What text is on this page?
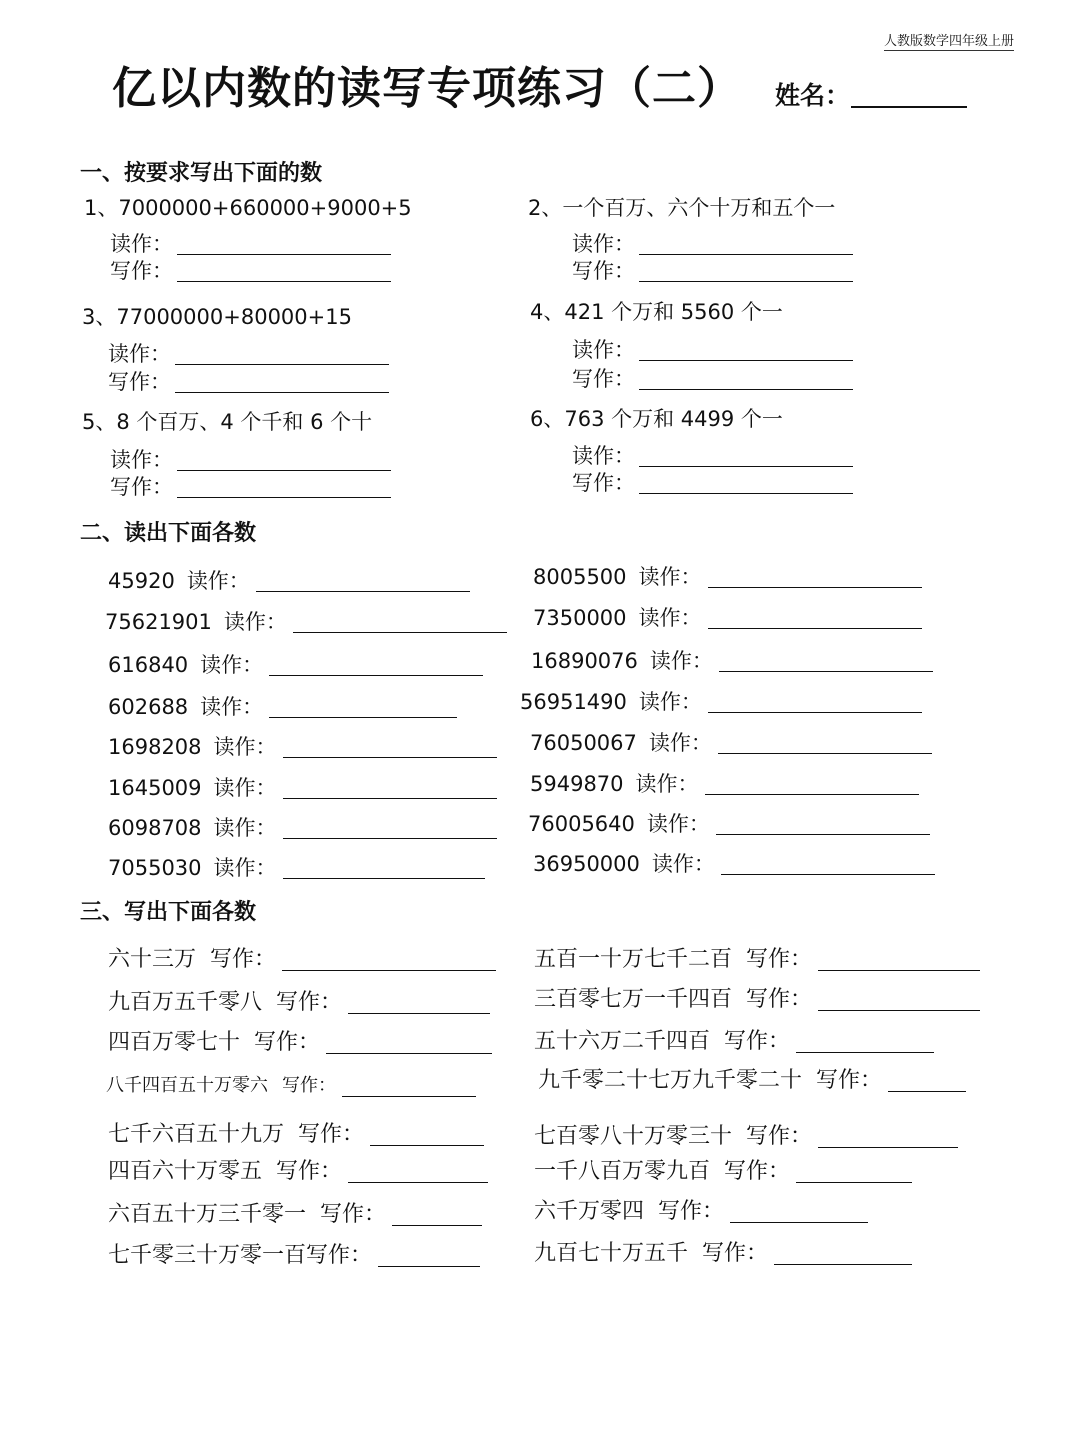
人教版数学四年级上册
亿以内数的读写专项练习（二） 姓名：
一、按要求写出下面的数
1、7000000+660000+9000+5
读作：
写作：
2、一个百万、六个十万和五个一
读作：
写作：
3、77000000+80000+15
读作：
写作：
4、421 个万和 5560 个一
读作：
写作：
5、8 个百万、4 个千和 6 个十
读作：
写作：
6、763 个万和 4499 个一
读作：
写作：
二、读出下面各数
45920 读作：
75621901 读作：
616840 读作：
602688 读作：
1698208 读作：
1645009 读作：
6098708 读作：
7055030 读作：
8005500 读作：
7350000 读作：
16890076 读作：
56951490 读作：
76050067 读作：
5949870 读作：
76005640 读作：
36950000 读作：
三、写出下面各数
六十三万 写作：
九百万五千零八 写作：
四百万零七十 写作：
八千四百五十万零六 写作：
七千六百五十九万 写作：
四百六十万零五 写作：
六百五十万三千零一 写作：
七千零三十万零一百 写作：
五百一十万七千二百 写作：
三百零七万一千四百 写作：
五十六万二千四百 写作：
九千零二十七万九千零二十 写作：
七百零八十万零三十 写作：
一千八百万零九百 写作：
六千万零四 写作：
九百七十万五千 写作：
